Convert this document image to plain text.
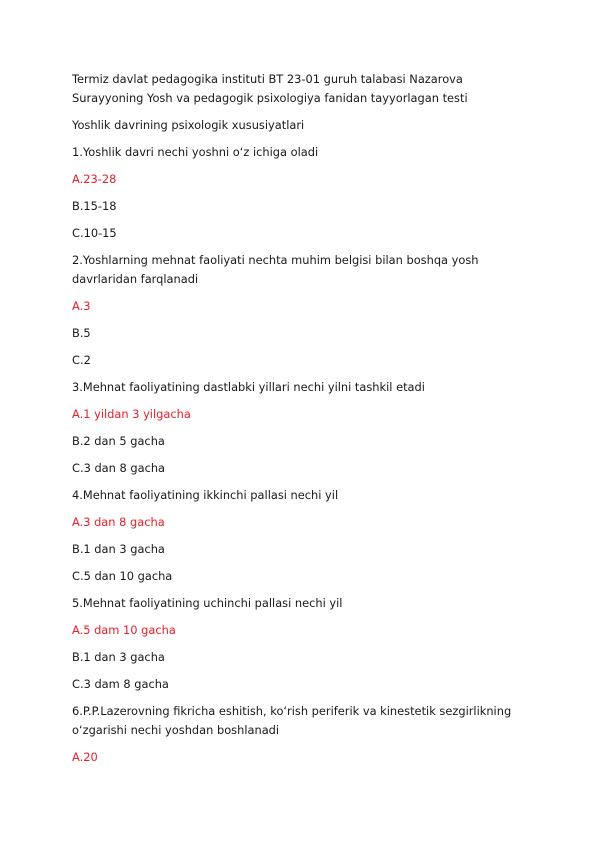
Termiz davlat pedagogika instituti BT 23-01 guruh talabasi Nazarova
Surayyoning Yosh va pedagogik psixologiya fanidan tayyorlagan testi
Yoshlik davrining psixologik xususiyatlari
1.Yoshlik davri nechi yoshni o‘z ichiga oladi
A.23-28
B.15-18
C.10-15
2.Yoshlarning mehnat faoliyati nechta muhim belgisi bilan boshqa yosh
davrlaridan farqlanadi
A.3
B.5
C.2
3.Mehnat faoliyatining dastlabki yillari nechi yilni tashkil etadi
A.1 yildan 3 yilgacha
B.2 dan 5 gacha
C.3 dan 8 gacha
4.Mehnat faoliyatining ikkinchi pallasi nechi yil
A.3 dan 8 gacha
B.1 dan 3 gacha
C.5 dan 10 gacha
5.Mehnat faoliyatining uchinchi pallasi nechi yil
A.5 dam 10 gacha
B.1 dan 3 gacha
C.3 dam 8 gacha
6.P.P.Lazerovning fikricha eshitish, ko‘rish periferik va kinestetik sezgirlikning
o‘zgarishi nechi yoshdan boshlanadi
A.20
